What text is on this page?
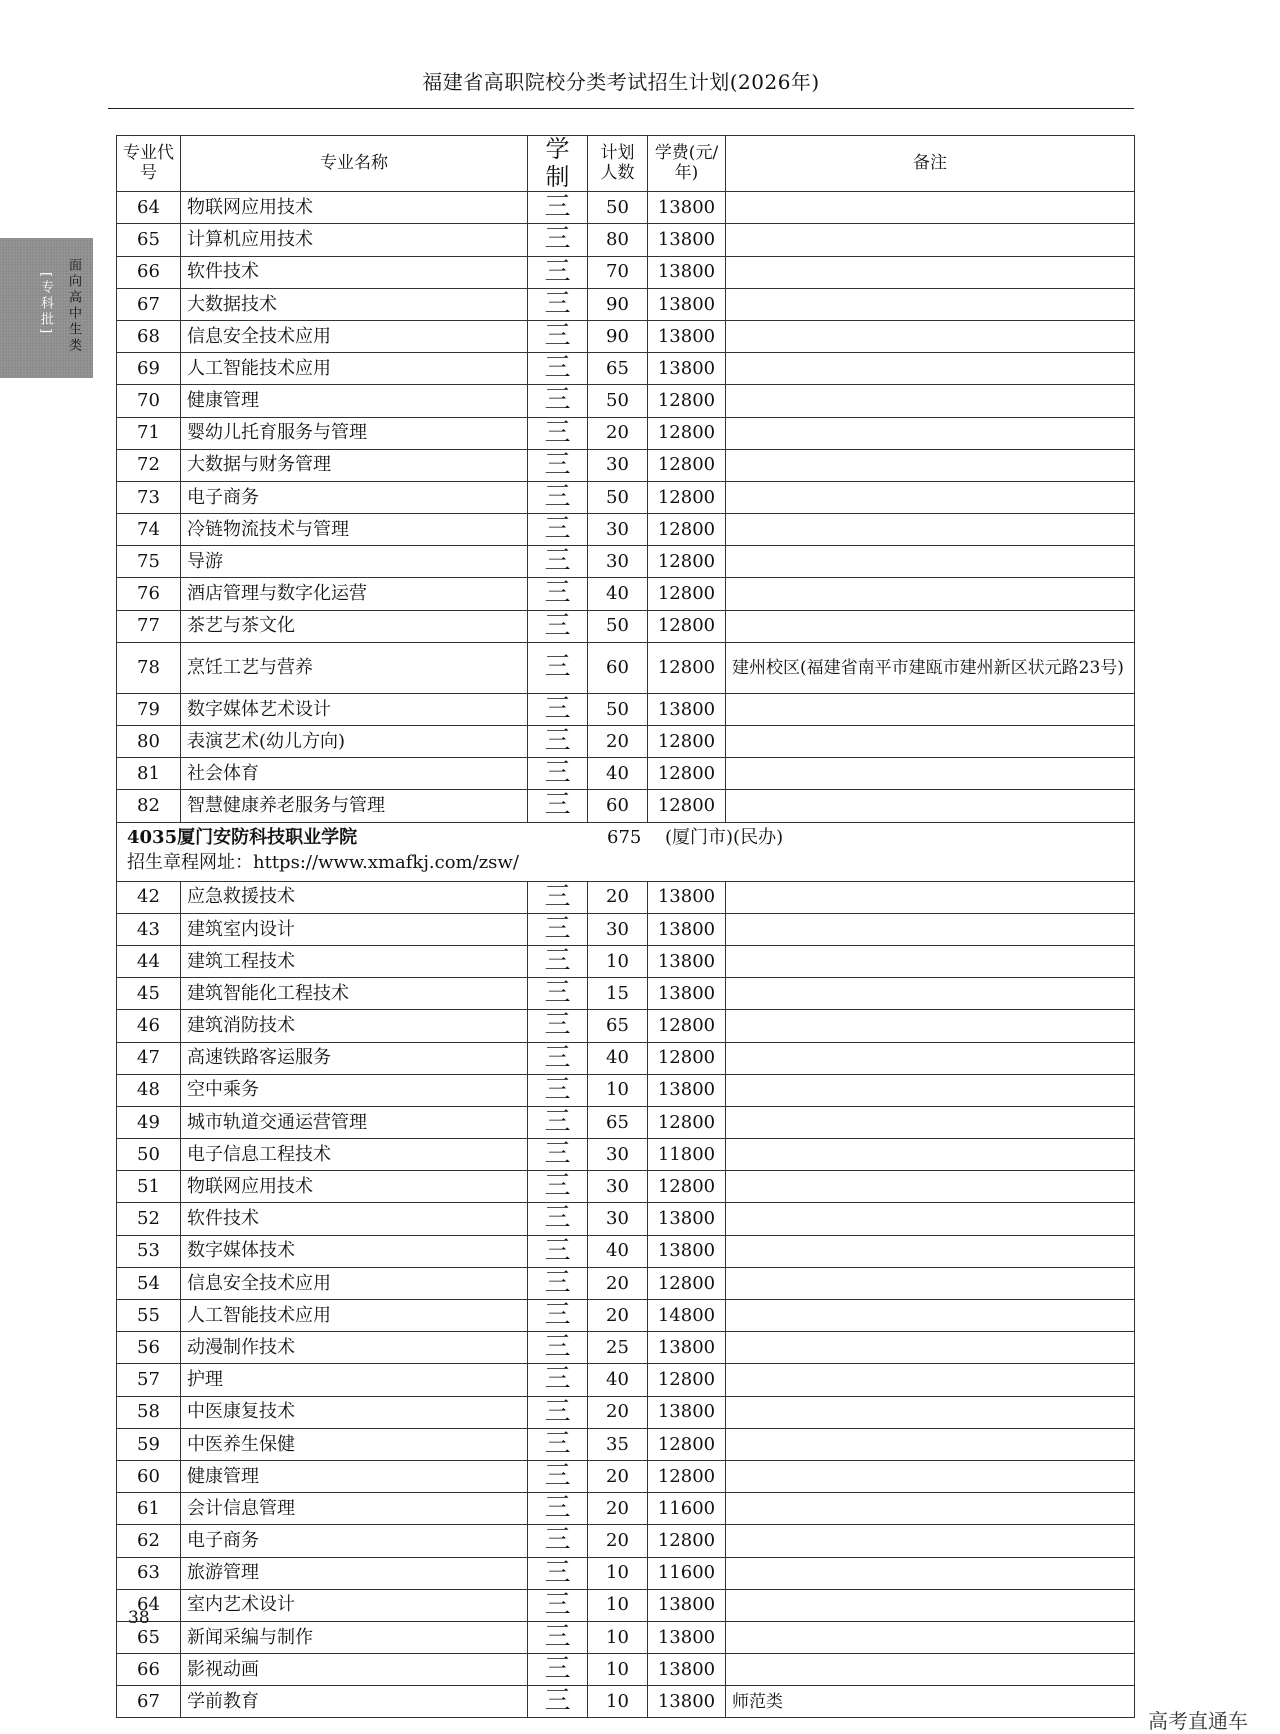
福建省高职院校分类考试招生计划(2026年)
面向高中生类
[专科批]
专业代号	专业名称	学制	计划人数	学费(元/年)	备注
64	物联网应用技术	三	50	13800	
65	计算机应用技术	三	80	13800	
66	软件技术	三	70	13800	
67	大数据技术	三	90	13800	
68	信息安全技术应用	三	90	13800	
69	人工智能技术应用	三	65	13800	
70	健康管理	三	50	12800	
71	婴幼儿托育服务与管理	三	20	12800	
72	大数据与财务管理	三	30	12800	
73	电子商务	三	50	12800	
74	冷链物流技术与管理	三	30	12800	
75	导游	三	30	12800	
76	酒店管理与数字化运营	三	40	12800	
77	茶艺与茶文化	三	50	12800	
78	烹饪工艺与营养	三	60	12800	建州校区(福建省南平市建瓯市建州新区状元路23号)
79	数字媒体艺术设计	三	50	13800	
80	表演艺术(幼儿方向)	三	20	12800	
81	社会体育	三	40	12800	
82	智慧健康养老服务与管理	三	60	12800	

4035厦门安防科技职业学院 675 (厦门市)(民办)
招生章程网址：https://www.xmafkj.com/zsw/					

42	应急救援技术	三	20	13800	
43	建筑室内设计	三	30	13800	
44	建筑工程技术	三	10	13800	
45	建筑智能化工程技术	三	15	13800	
46	建筑消防技术	三	65	12800	
47	高速铁路客运服务	三	40	12800	
48	空中乘务	三	10	13800	
49	城市轨道交通运营管理	三	65	12800	
50	电子信息工程技术	三	30	11800	
51	物联网应用技术	三	30	12800	
52	软件技术	三	30	13800	
53	数字媒体技术	三	40	13800	
54	信息安全技术应用	三	20	12800	
55	人工智能技术应用	三	20	14800	
56	动漫制作技术	三	25	13800	
57	护理	三	40	12800	
58	中医康复技术	三	20	13800	
59	中医养生保健	三	35	12800	
60	健康管理	三	20	12800	
61	会计信息管理	三	20	11600	
62	电子商务	三	20	12800	
63	旅游管理	三	10	11600	
64	室内艺术设计	三	10	13800	
65	新闻采编与制作	三	10	13800	
66	影视动画	三	10	13800	
67	学前教育	三	10	13800	师范类
38
高考直通车
